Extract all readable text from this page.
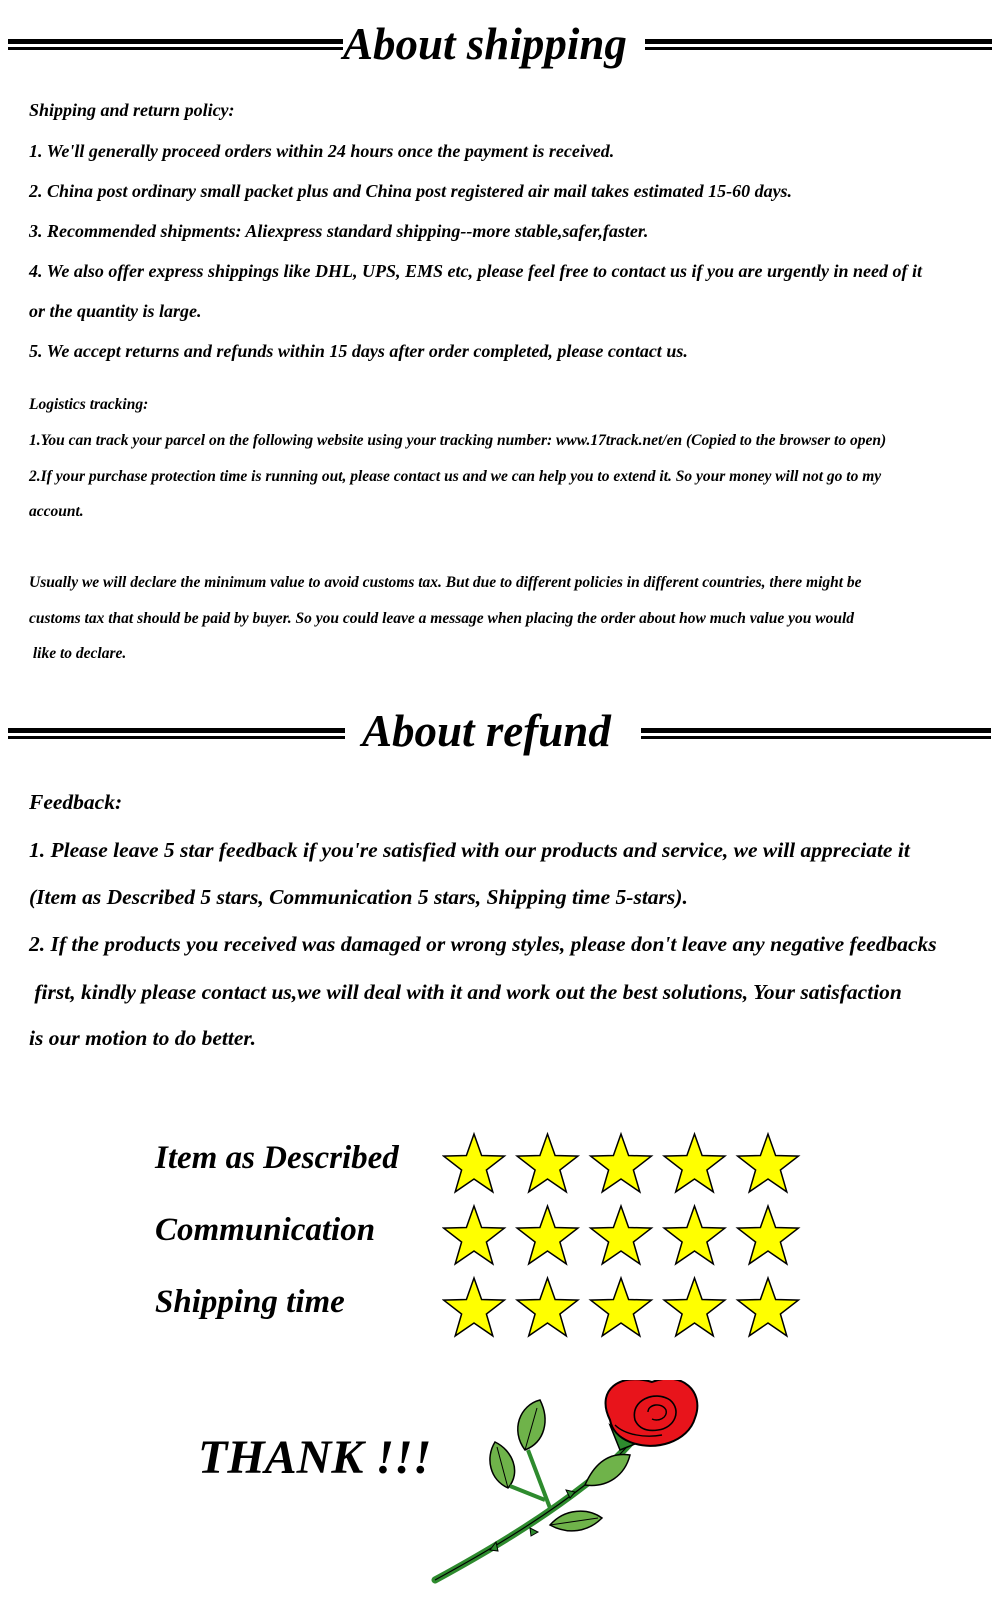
About shipping
Shipping and return policy:
1. We'll generally proceed orders within 24 hours once the payment is received.
2. China post ordinary small packet plus and China post registered air mail takes estimated 15-60 days.
3. Recommended shipments: Aliexpress standard shipping--more stable,safer,faster.
4. We also offer express shippings like DHL, UPS, EMS etc, please feel free to contact us if you are urgently in need of it
or the quantity is large.
5. We accept returns and refunds within 15 days after order completed, please contact us.
Logistics tracking:
1.You can track your parcel on the following website using your tracking number: www.17track.net/en (Copied to the browser to open)
2.If your purchase protection time is running out, please contact us and we can help you to extend it. So your money will not go to my
account.
Usually we will declare the minimum value to avoid customs tax. But due to different policies in different countries, there might be
customs tax that should be paid by buyer. So you could leave a message when placing the order about how much value you would
like to declare.
About refund
Feedback:
1. Please leave 5 star feedback if you're satisfied with our products and service, we will appreciate it
(Item as Described 5 stars, Communication 5 stars, Shipping time 5-stars).
2. If the products you received was damaged or wrong styles, please don't leave any negative feedbacks
first, kindly please contact us,we will deal with it and work out the best solutions, Your satisfaction
is our motion to do better.
Item as Described
Communication
Shipping time
THANK !!!
